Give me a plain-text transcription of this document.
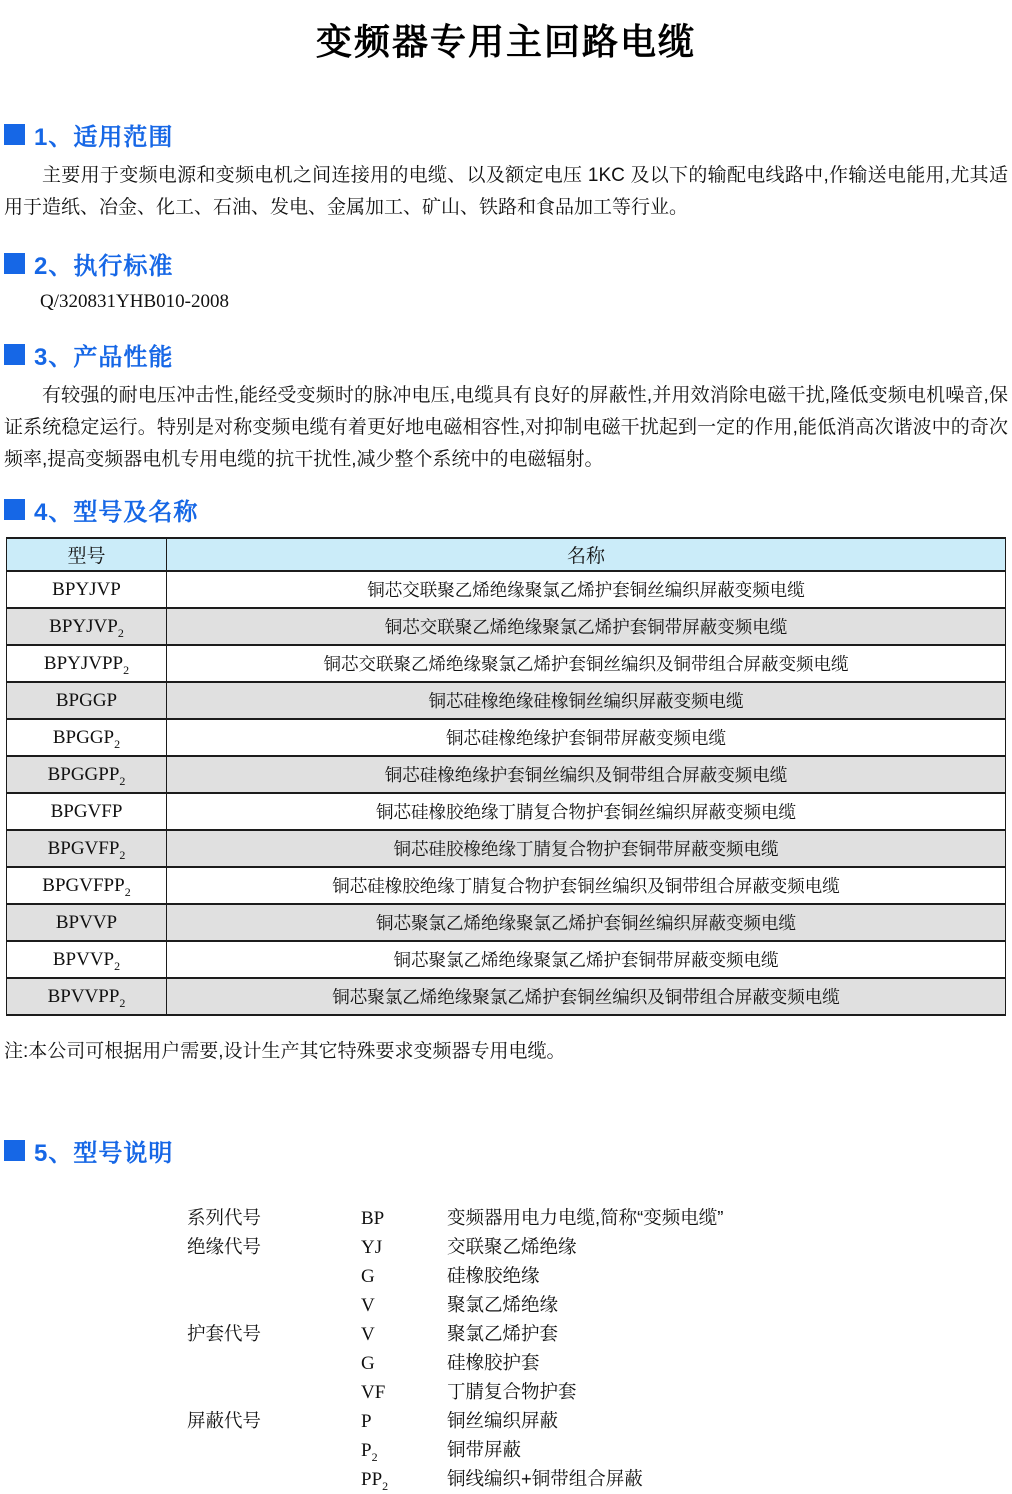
变频器专用主回路电缆
1、适用范围

主要用于变频电源和变频电机之间连接用的电缆、以及额定电压 1KC 及以下的输配电线路中,作输送电能用,尤其适用于造纸、冶金、化工、石油、发电、金属加工、矿山、铁路和食品加工等行业。

2、执行标准

Q/320831YHB010-2008

3、产品性能

有较强的耐电压冲击性,能经受变频时的脉冲电压,电缆具有良好的屏蔽性,并用效消除电磁干扰,隆低变频电机噪音,保证系统稳定运行。特别是对称变频电缆有着更好地电磁相容性,对抑制电磁干扰起到一定的作用,能低消高次谐波中的奇次频率,提高变频器电机专用电缆的抗干扰性,减少整个系统中的电磁辐射。

4、型号及名称
型号	名称
BPYJVP	铜芯交联聚乙烯绝缘聚氯乙烯护套铜丝编织屏蔽变频电缆
$BPYJVP_2$	铜芯交联聚乙烯绝缘聚氯乙烯护套铜带屏蔽变频电缆
$BPYJVPP_2$	铜芯交联聚乙烯绝缘聚氯乙烯护套铜丝编织及铜带组合屏蔽变频电缆
BPGGP	铜芯硅橡绝缘硅橡铜丝编织屏蔽变频电缆
$BPGGP_2$	铜芯硅橡绝缘护套铜带屏蔽变频电缆
$BPGGPP_2$	铜芯硅橡绝缘护套铜丝编织及铜带组合屏蔽变频电缆
BPGVFP	铜芯硅橡胶绝缘丁腈复合物护套铜丝编织屏蔽变频电缆
$BPGVFP_2$	铜芯硅胶橡绝缘丁腈复合物护套铜带屏蔽变频电缆
$BPGVFPP_2$	铜芯硅橡胶绝缘丁腈复合物护套铜丝编织及铜带组合屏蔽变频电缆
BPVVP	铜芯聚氯乙烯绝缘聚氯乙烯护套铜丝编织屏蔽变频电缆
$BPVVP_2$	铜芯聚氯乙烯绝缘聚氯乙烯护套铜带屏蔽变频电缆
$BPVVPP_2$	铜芯聚氯乙烯绝缘聚氯乙烯护套铜丝编织及铜带组合屏蔽变频电缆

注:本公司可根据用户需要,设计生产其它特殊要求变频器专用电缆。

5、型号说明
系列代号	BP	变频器用电力电缆,简称“变频电缆”
绝缘代号	YJ	交联聚乙烯绝缘
G	硅橡胶绝缘
V	聚氯乙烯绝缘
护套代号	V	聚氯乙烯护套
G	硅橡胶护套
VF	丁腈复合物护套
屏蔽代号	P	铜丝编织屏蔽
$P_2$	铜带屏蔽
$PP_2$	铜线编织+铜带组合屏蔽
